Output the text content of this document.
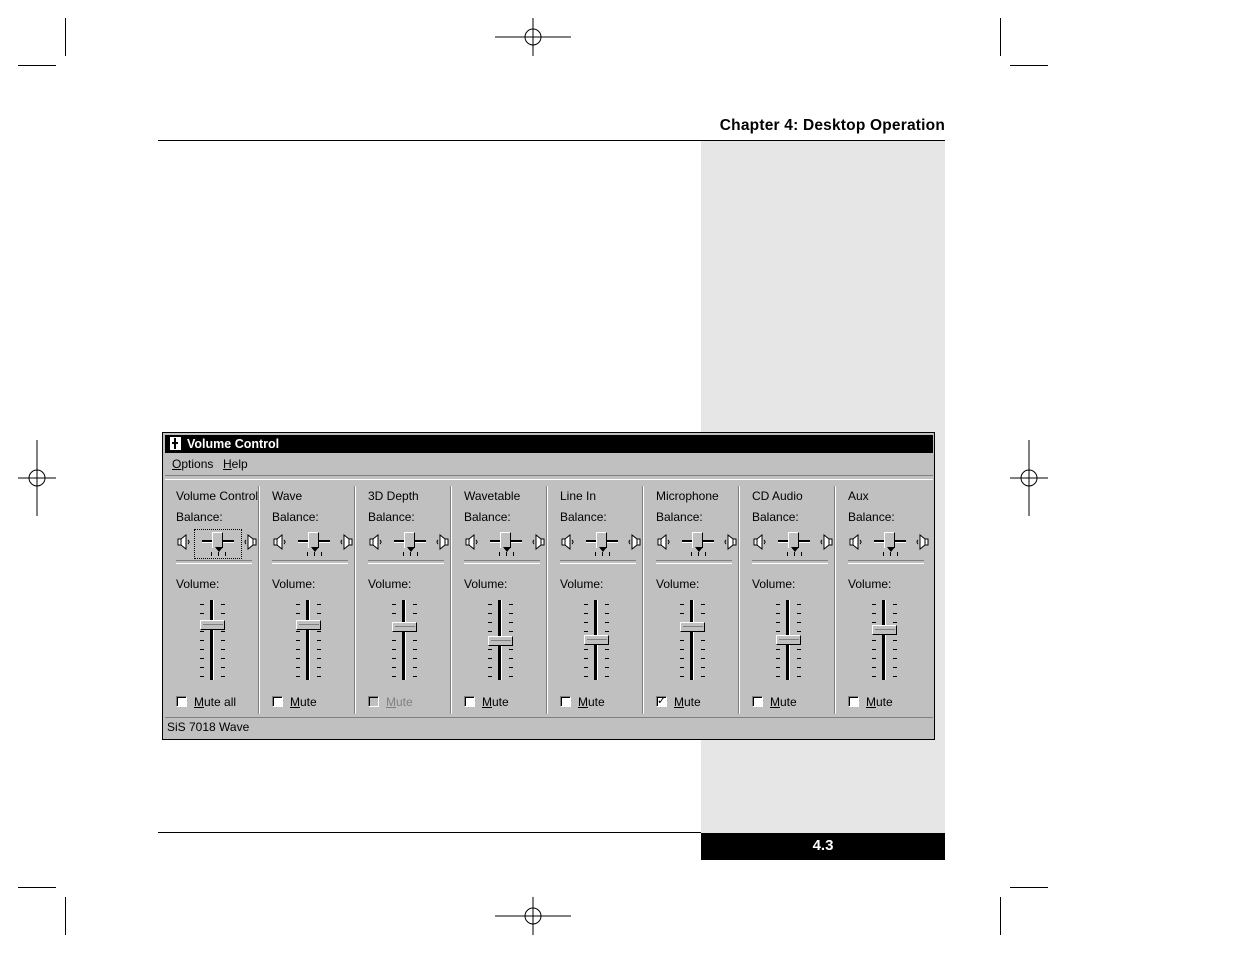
Chapter 4: Desktop Operation
4.3
Volume Control
Options Help
Volume Control
Balance:
Volume:
Mute all
Wave
Balance:
Volume:
Mute
3D Depth
Balance:
Volume:
Mute
Wavetable
Balance:
Volume:
Mute
Line In
Balance:
Volume:
Mute
Microphone
Balance:
Volume:
✓ Mute
CD Audio
Balance:
Volume:
Mute
Aux
Balance:
Volume:
Mute
SiS 7018 Wave
